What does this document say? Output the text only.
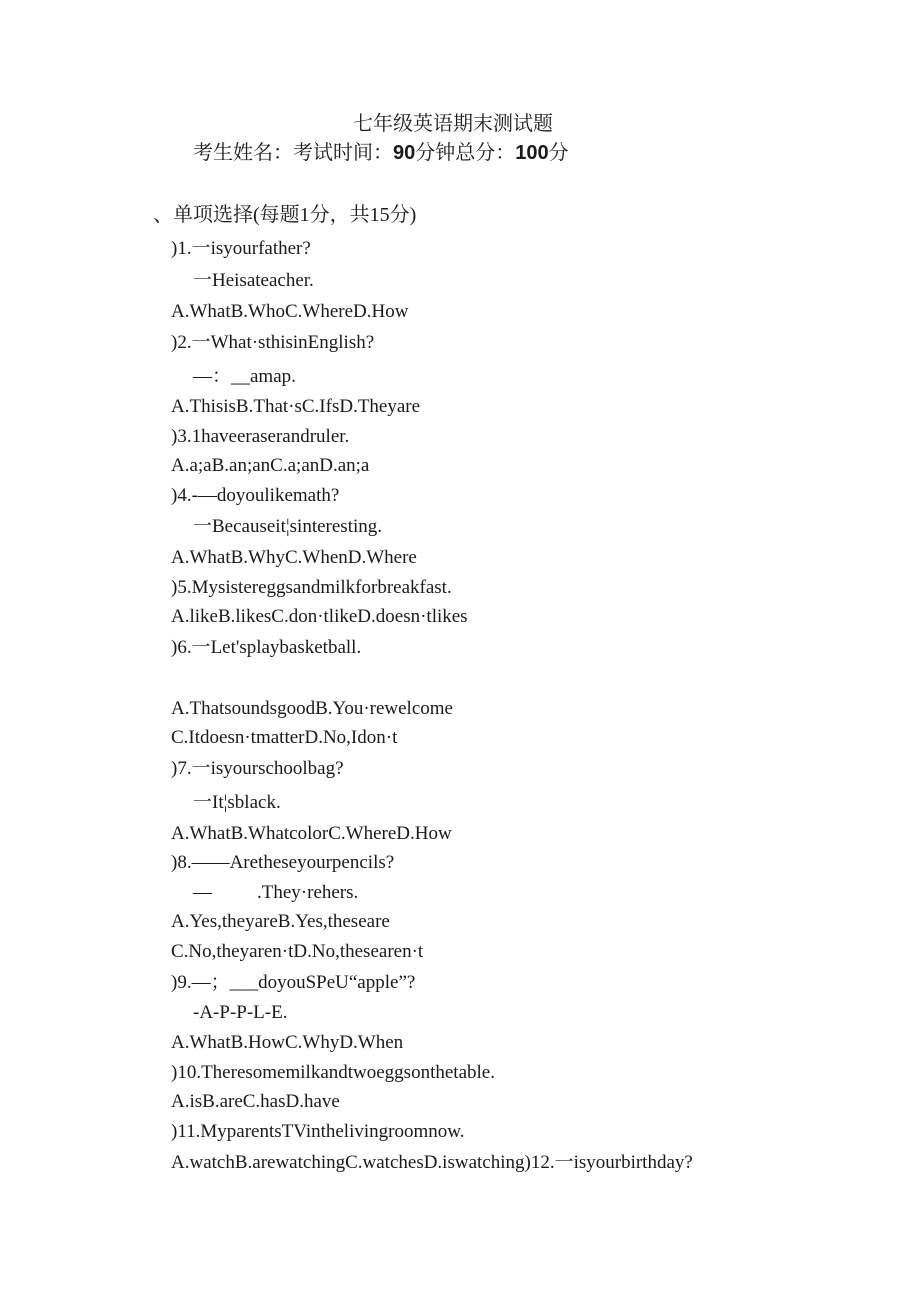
七年级英语期末测试题
考生姓名：考试时间：90分钟总分：100分
、单项选择(每题1分，共15分)
)1.一isyourfather?
一Heisateacher.
A.WhatB.WhoC.WhereD.How
)2.一What·sthisinEnglish?
—：__amap.
A.ThisisB.That·sC.IfsD.Theyare
)3.1haveeraserandruler.
A.a;aB.an;anC.a;anD.an;a
)4.-—doyoulikemath?
一Becauseit¦sinteresting.
A.WhatB.WhyC.WhenD.Where
)5.Mysistereggsandmilkforbreakfast.
A.likeB.likesC.don·tlikeD.doesn·tlikes
)6.一Let'splaybasketball.
A.ThatsoundsgoodB.You·rewelcome
C.Itdoesn·tmatterD.No,Idon·t
)7.一isyourschoolbag?
一It¦sblack.
A.WhatB.WhatcolorC.WhereD.How
)8.——Aretheseyourpencils?
— .They·rehers.
A.Yes,theyareB.Yes,theseare
C.No,theyaren·tD.No,thesearen·t
)9.—；___doyouSPeU“apple”?
-A-P-P-L-E.
A.WhatB.HowC.WhyD.When
)10.Theresomemilkandtwoeggsonthetable.
A.isB.areC.hasD.have
)11.MyparentsTVinthelivingroomnow.
A.watchB.arewatchingC.watchesD.iswatching)12.一isyourbirthday?
